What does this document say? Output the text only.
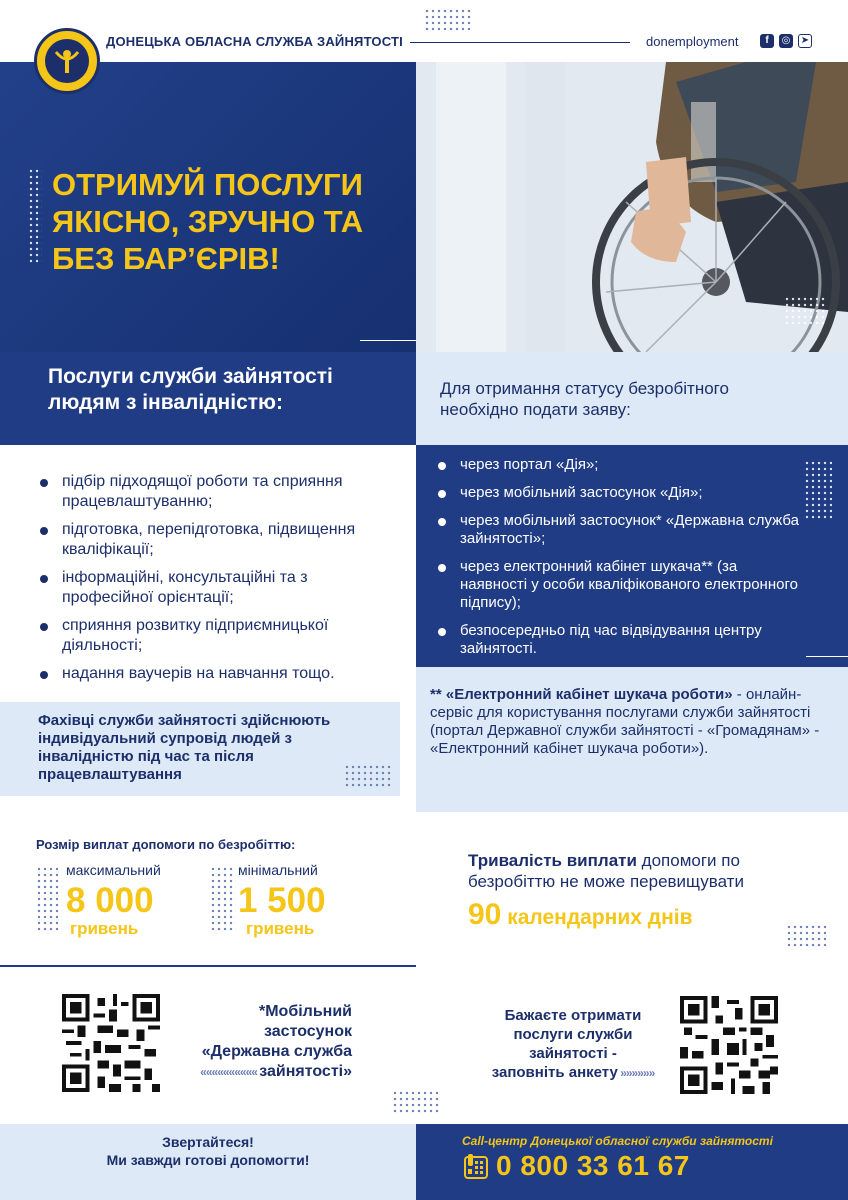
ДОНЕЦЬКА ОБЛАСНА СЛУЖБА ЗАЙНЯТОСТІ	donemployment	f	◎ ➤
ОТРИМУЙ ПОСЛУГИ
ЯКІСНО, ЗРУЧНО ТА
БЕЗ БАР’ЄРІВ!
Послуги служби зайнятості
людям з інвалідністю:
Для отримання статусу безробітного
необхідно подати заяву:
підбір підходящої роботи та сприяння працевлаштуванню;
підготовка, перепідготовка, підвищення кваліфікації;
інформаційні, консультаційні та з професійної орієнтації;
сприяння розвитку підприємницької діяльності;
надання ваучерів на навчання тощо.
через портал «Дія»;
через мобільний застосунок «Дія»;
через мобільний застосунок* «Державна служба зайнятості»;
через електронний кабінет шукача** (за наявності у особи кваліфікованого електронного підпису);
безпосередньо під час відвідування центру зайнятості.
Фахівці служби зайнятості здійснюють індивідуальний супровід людей з інвалідністю під час та після працевлаштування
** «Електронний кабінет шукача роботи» - онлайн-сервіс для користування послугами служби зайнятості (портал Державної служби зайнятості - «Громадянам» - «Електронний кабінет шукача роботи»).
Розмір виплат допомоги по безробіттю:
максимальний
8 000
гривень
мінімальний
1 500
гривень
Тривалість виплати допомоги по безробіттю не може перевищувати
90 календарних днів
*Мобільний
застосунок
«Державна служба
«««««««««« зайнятості»
Бажаєте отримати
послуги служби
зайнятості -
заповніть анкету »»»»»»
Звертайтеся!
Ми завжди готові допомогти!
Call-центр Донецької обласної служби зайнятості
0 800 33 61 67
